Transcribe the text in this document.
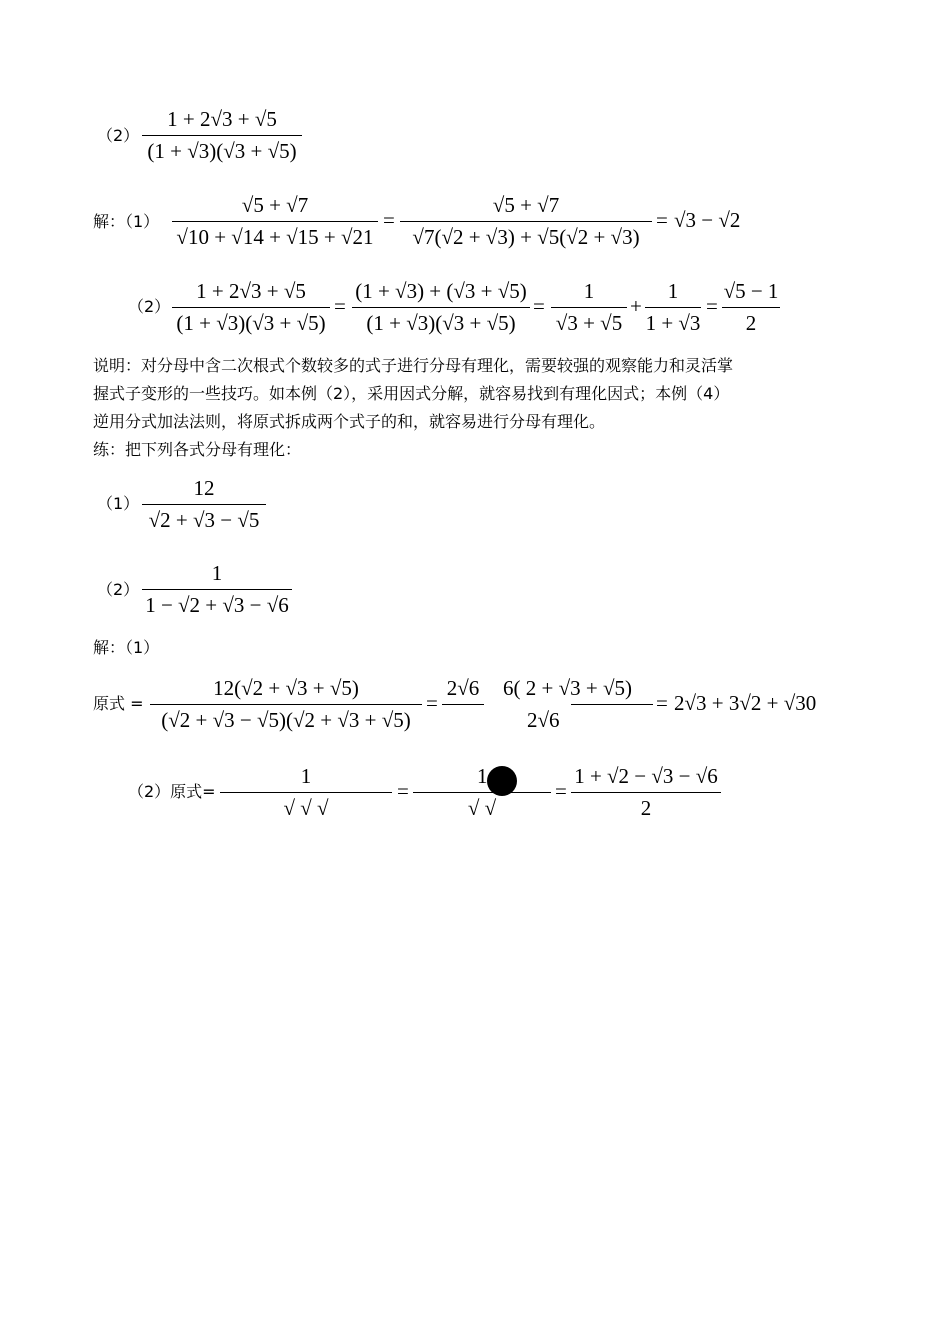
（2）
1 + 2√3 + √5
(1 + √3)(√3 + √5)
解：（1）
√5 + √7
√10 + √14 + √15 + √21
=
√5 + √7
√7(√2 + √3) + √5(√2 + √3)
= √3 − √2
（2）
1 + 2√3 + √5
(1 + √3)(√3 + √5)
=
(1 + √3) + (√3 + √5)
(1 + √3)(√3 + √5)
=
1
√3 + √5
+
1
1 + √3
=
√5 − 1
2
说明：对分母中含二次根式个数较多的式子进行分母有理化，需要较强的观察能力和灵活掌
握式子变形的一些技巧。如本例（2），采用因式分解，就容易找到有理化因式；本例（4）
逆用分式加法法则，将原式拆成两个式子的和，就容易进行分母有理化。
练：把下列各式分母有理化：
（1）
12
√2 + √3 − √5
（2）
1
1 − √2 + √3 − √6
解：（1）
原式 =
12(√2 + √3 + √5)
(√2 + √3 − √5)(√2 + √3 + √5)
=
2√6 6( 2 + √3 + √5)
2√6
= 2√3 + 3√2 + √30
（2）原式=
1
√ √ √
=
1
√ √
=
1 + √2 − √3 − √6
2
